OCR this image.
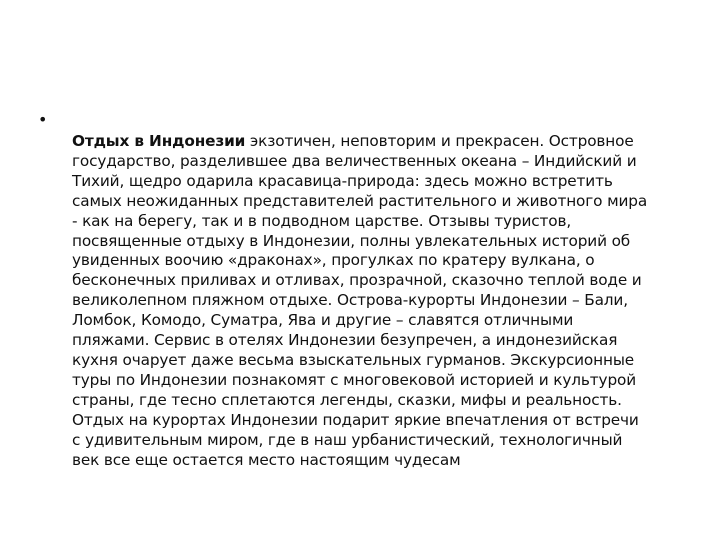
•
Отдых в Индонезии экзотичен, неповторим и прекрасен. Островное
государство, разделившее два величественных океана – Индийский и
Тихий, щедро одарила красавица-природа: здесь можно встретить
самых неожиданных представителей растительного и животного мира
- как на берегу, так и в подводном царстве. Отзывы туристов,
посвященные отдыху в Индонезии, полны увлекательных историй об
увиденных воочию «драконах», прогулках по кратеру вулкана, о
бесконечных приливах и отливах, прозрачной, сказочно теплой воде и
великолепном пляжном отдыхе. Острова-курорты Индонезии – Бали,
Ломбок, Комодо, Суматра, Ява и другие – славятся отличными
пляжами. Сервис в отелях Индонезии безупречен, а индонезийская
кухня очарует даже весьма взыскательных гурманов. Экскурсионные
туры по Индонезии познакомят с многовековой историей и культурой
страны, где тесно сплетаются легенды, сказки, мифы и реальность.
Отдых на курортах Индонезии подарит яркие впечатления от встречи
с удивительным миром, где в наш урбанистический, технологичный
век все еще остается место настоящим чудесам
